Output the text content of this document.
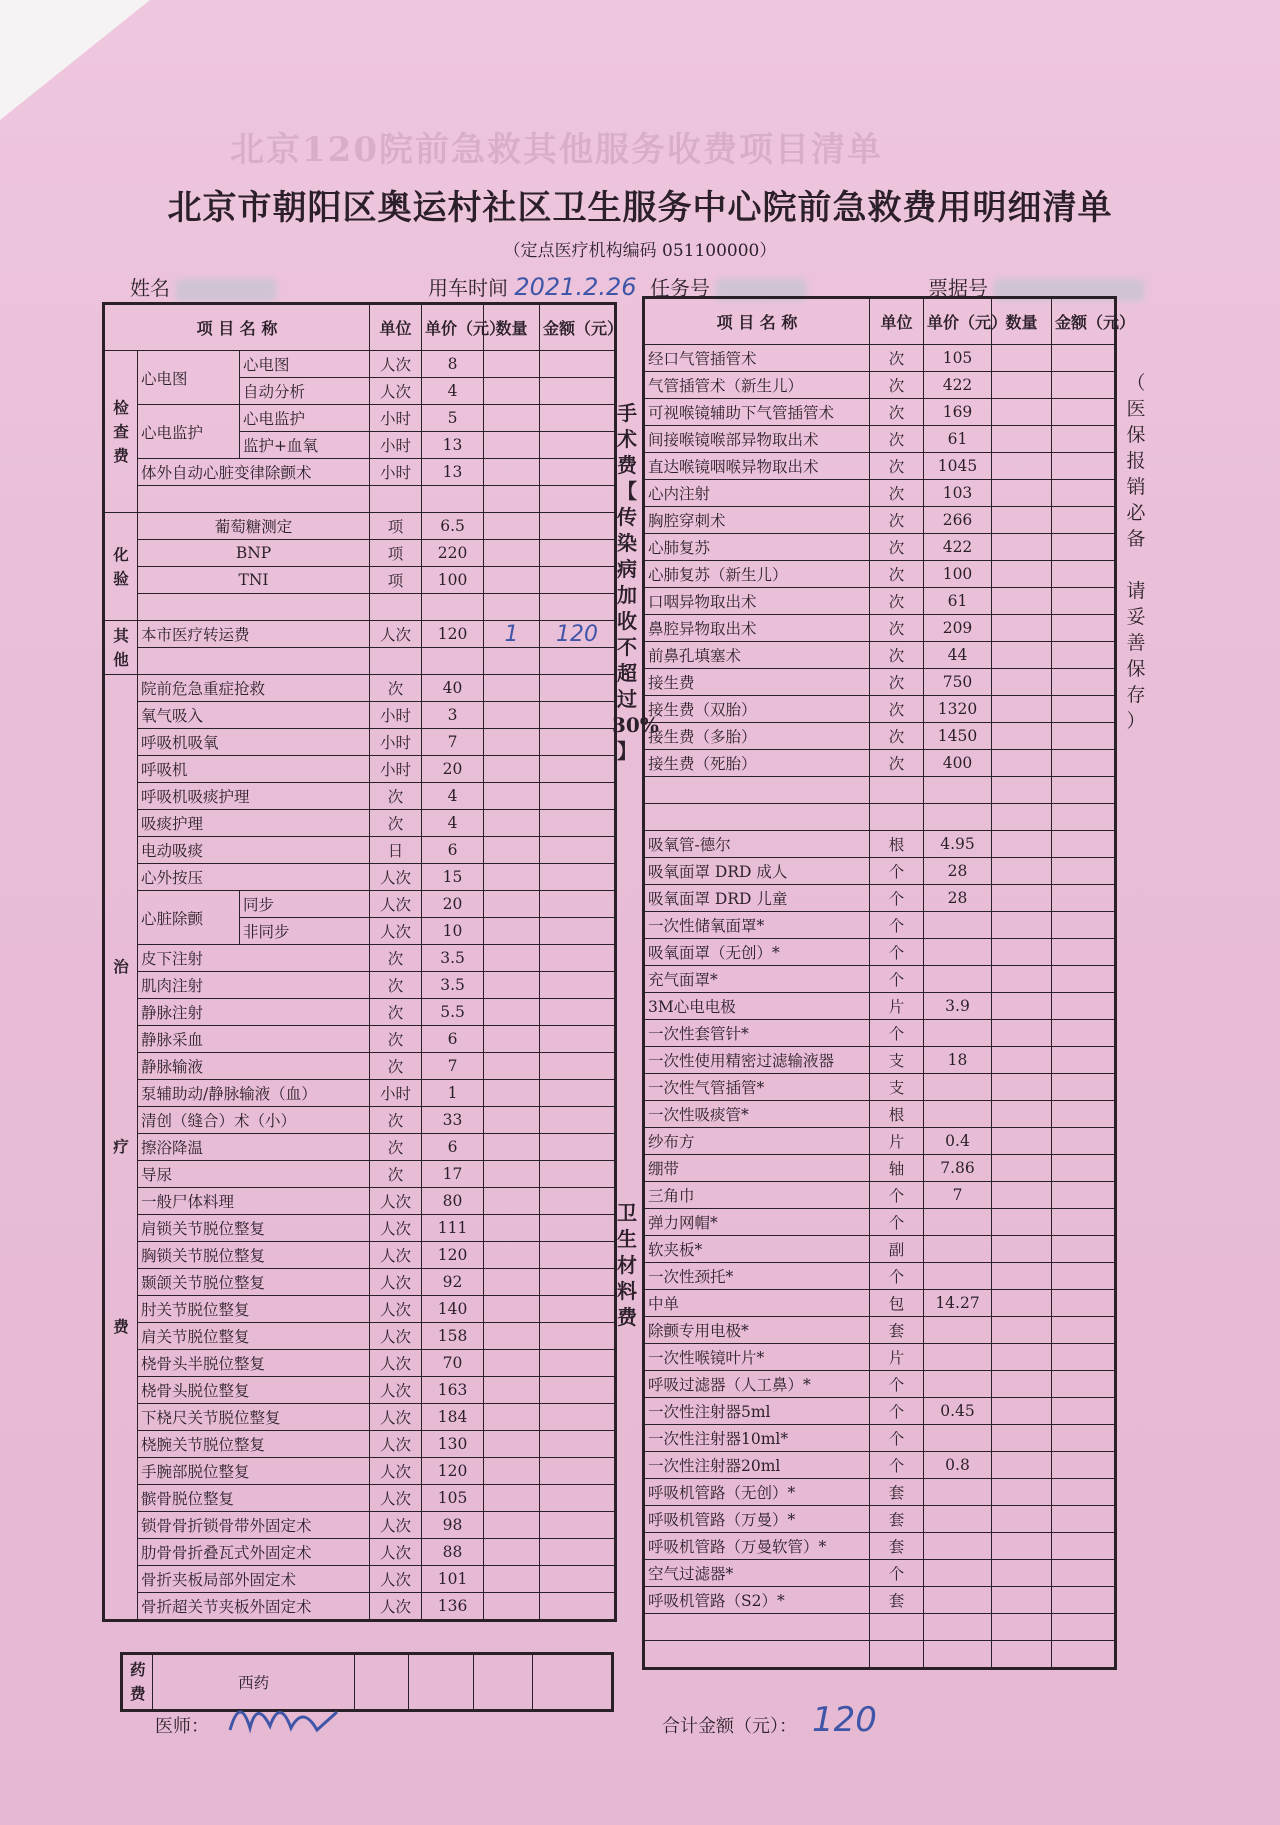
北京120院前急救其他服务收费项目清单
北京市朝阳区奥运村社区卫生服务中心院前急救费用明细清单
（定点医疗机构编码 051100000）
姓名	用车时间 2021.2.26 任务号	票据号
项 目 名 称			单位	单价（元）	数量	金额（元）
检 查 费	心电图	心电图	人次	8		
		自动分析	人次	4		
	心电监护	心电监护	小时	5		
		监护+血氧	小时	13		
	体外自动心脏变律除颤术		小时	13		

化 验	葡萄糖测定		项	6.5		
	BNP		项	220		
	TNI		项	100		

其 他	本市医疗转运费		人次	120	1	120

治 疗 费	院前危急重症抢救		次	40		
	氧气吸入		小时	3		
	呼吸机吸氧		小时	7		
	呼吸机		小时	20		
	呼吸机吸痰护理		次	4		
	吸痰护理		次	4		
	电动吸痰		日	6		
	心外按压		人次	15		
	心脏除颤	同步	人次	20		
		非同步	人次	10		
	皮下注射		次	3.5		
	肌肉注射		次	3.5		
	静脉注射		次	5.5		
	静脉采血		次	6		
	静脉输液		次	7		
	泵辅助动/静脉输液（血）		小时	1		
	清创（缝合）术（小）		次	33		
	擦浴降温		次	6		
	导尿		次	17		
	一般尸体料理		人次	80		
	肩锁关节脱位整复		人次	111		
	胸锁关节脱位整复		人次	120		
	颞颌关节脱位整复		人次	92		
	肘关节脱位整复		人次	140		
	肩关节脱位整复		人次	158		
	桡骨头半脱位整复		人次	70		
	桡骨头脱位整复		人次	163		
	下桡尺关节脱位整复		人次	184		
	桡腕关节脱位整复		人次	130		
	手腕部脱位整复		人次	120		
	髌骨脱位整复		人次	105		
	锁骨骨折锁骨带外固定术		人次	98		
	肋骨骨折叠瓦式外固定术		人次	88		
	骨折夹板局部外固定术		人次	101		
	骨折超关节夹板外固定术		人次	136		
手
术
费
【
传
染
病
加
收
不
超
过
30%
】
卫
生
材
料
费
项 目 名 称	单位	单价（元）	数量	金额（元）
经口气管插管术	次	105		
气管插管术（新生儿）	次	422		
可视喉镜辅助下气管插管术	次	169		
间接喉镜喉部异物取出术	次	61		
直达喉镜咽喉异物取出术	次	1045		
心内注射	次	103		
胸腔穿刺术	次	266		
心肺复苏	次	422		
心肺复苏（新生儿）	次	100		
口咽异物取出术	次	61		
鼻腔异物取出术	次	209		
前鼻孔填塞术	次	44		
接生费	次	750		
接生费（双胎）	次	1320		
接生费（多胎）	次	1450		
接生费（死胎）	次	400		

吸氧管-德尔	根	4.95		
吸氧面罩 DRD 成人	个	28		
吸氧面罩 DRD 儿童	个	28		
一次性储氧面罩*	个			
吸氧面罩（无创）*	个			
充气面罩*	个			
3M心电电极	片	3.9		
一次性套管针*	个			
一次性使用精密过滤输液器	支	18		
一次性气管插管*	支			
一次性吸痰管*	根			
纱布方	片	0.4		
绷带	轴	7.86		
三角巾	个	7		
弹力网帽*	个			
软夹板*	副			
一次性颈托*	个			
中单	包	14.27		
除颤专用电极*	套			
一次性喉镜叶片*	片			
呼吸过滤器（人工鼻）*	个			
一次性注射器5ml	个	0.45		
一次性注射器10ml*	个			
一次性注射器20ml	个	0.8		
呼吸机管路（无创）*	套			
呼吸机管路（万曼）*	套			
呼吸机管路（万曼软管）*	套			
空气过滤器*	个			
呼吸机管路（S2）*	套			

药
费	西药				
（
医
保
报
销
必
备

请
妥
善
保
存
）
医师：	合计金额（元）： 120
